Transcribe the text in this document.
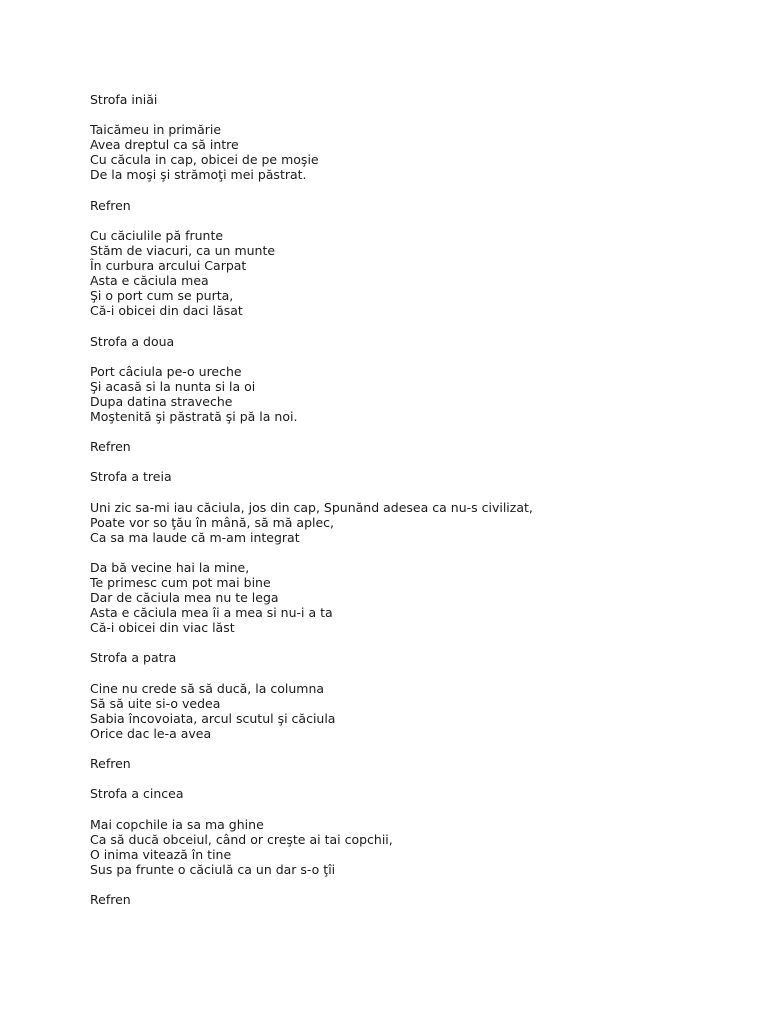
Strofa iniăi
Taicămeu in primărie
Avea dreptul ca să intre
Cu căcula in cap, obicei de pe moşie
De la moşi şi strămoţi mei păstrat.
Refren
Cu căciulile pă frunte
Stăm de viacuri, ca un munte
În curbura arcului Carpat
Asta e căciula mea
Şi o port cum se purta,
Că-i obicei din daci lăsat
Strofa a doua
Port câciula pe-o ureche
Şi acasă si la nunta si la oi
Dupa datina straveche
Moştenită şi păstrată şi pă la noi.
Refren
Strofa a treia
Uni zic sa-mi iau căciula, jos din cap, Spunănd adesea ca nu-s civilizat,
Poate vor so ţău în mână, să mă aplec,
Ca sa ma laude că m-am integrat
Da bă vecine hai la mine,
Te primesc cum pot mai bine
Dar de căciula mea nu te lega
Asta e căciula mea îi a mea si nu-i a ta
Că-i obicei din viac lăst
Strofa a patra
Cine nu crede să să ducă, la columna
Să să uite si-o vedea
Sabia încovoiata, arcul scutul şi căciula
Orice dac le-a avea
Refren
Strofa a cincea
Mai copchile ia sa ma ghine
Ca să ducă obceiul, când or creşte ai tai copchii,
O inima vitează în tine
Sus pa frunte o căciulă ca un dar s-o ţîi
Refren
